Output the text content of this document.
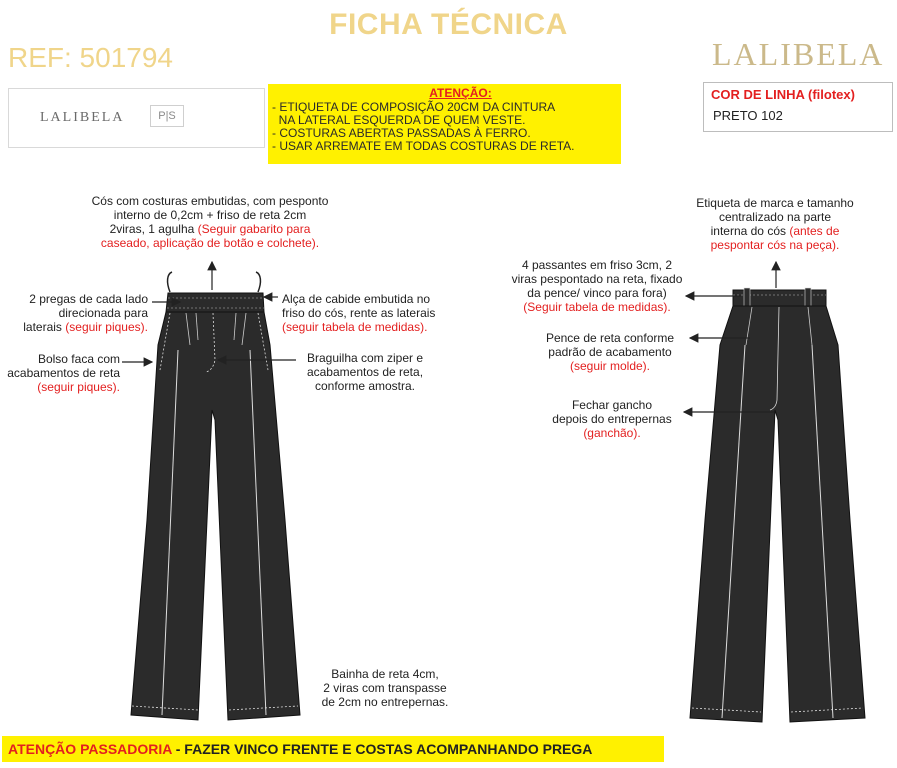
FICHA TÉCNICA
REF: 501794	LALIBELA
LALIBELA	P|S
ATENÇÃO:
- ETIQUETA DE COMPOSIÇÃO 20CM DA CINTURA
NA LATERAL ESQUERDA DE QUEM VESTE.
- COSTURAS ABERTAS PASSADAS À FERRO.
- USAR ARREMATE EM TODAS COSTURAS DE RETA.
COR DE LINHA (filotex)
PRETO 102
Cós com costuras embutidas, com pesponto
interno de 0,2cm + friso de reta 2cm
2viras, 1 agulha (Seguir gabarito para
caseado, aplicação de botão e colchete).
2 pregas de cada lado
direcionada para
laterais (seguir piques).
Bolso faca com
acabamentos de reta
(seguir piques).
Alça de cabide embutida no
friso do cós, rente as laterais
(seguir tabela de medidas).
Braguilha com ziper e
acabamentos de reta,
conforme amostra.
Bainha de reta 4cm,
2 viras com transpasse
de 2cm no entrepernas.
Etiqueta de marca e tamanho
centralizado na parte
interna do cós (antes de
pespontar cós na peça).
4 passantes em friso 3cm, 2
viras pespontado na reta, fixado
da pence/ vinco para fora)
(Seguir tabela de medidas).
Pence de reta conforme
padrão de acabamento
(seguir molde).
Fechar gancho
depois do entrepernas
(ganchão).
ATENÇÃO PASSADORIA - FAZER VINCO FRENTE E COSTAS ACOMPANHANDO PREGA
